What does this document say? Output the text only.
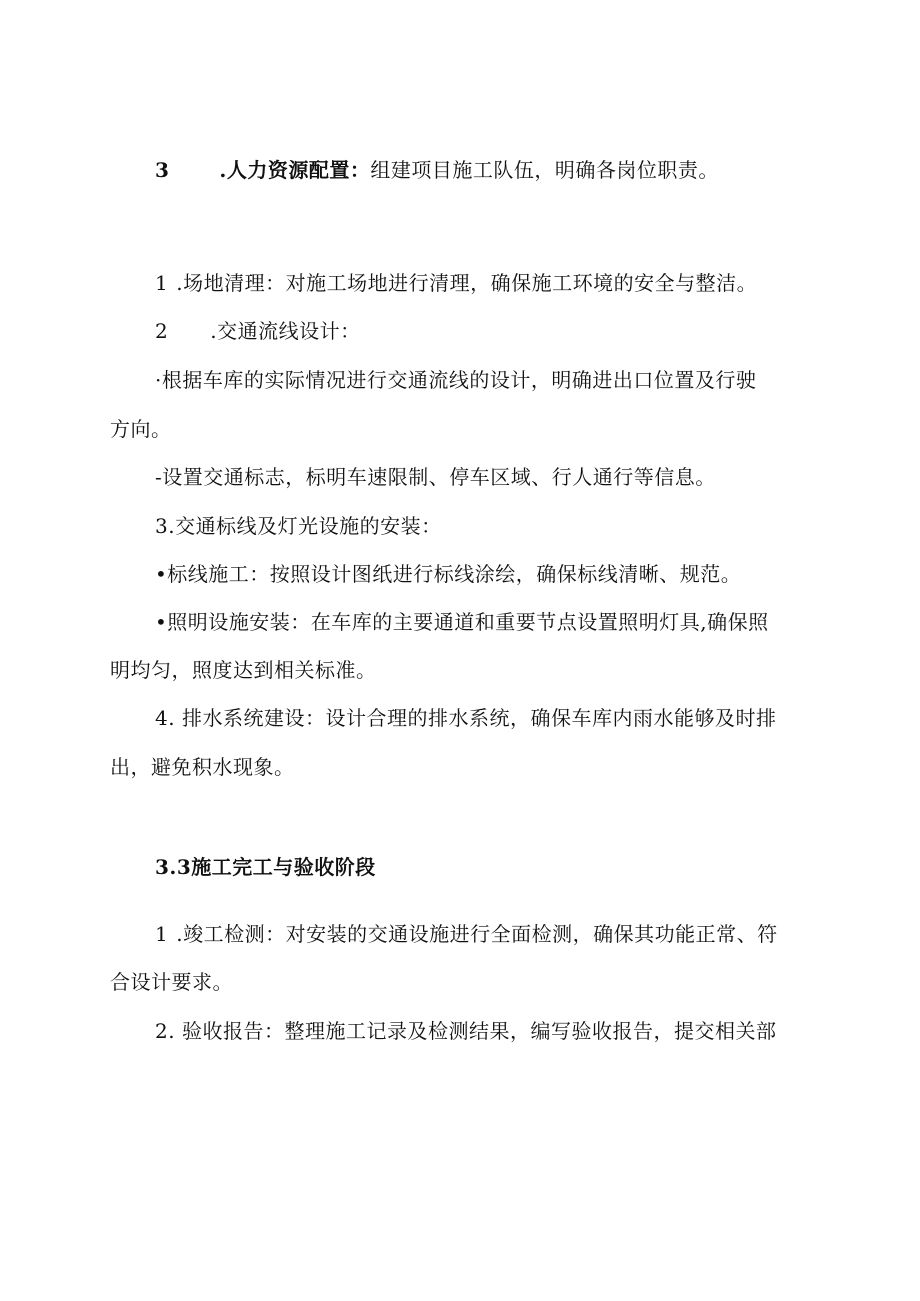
3	.人力资源配置：组建项目施工队伍，明确各岗位职责。
1 .场地清理：对施工场地进行清理，确保施工环境的安全与整洁。
2 .交通流线设计：
·根据车库的实际情况进行交通流线的设计，明确进出口位置及行驶
方向。
-设置交通标志，标明车速限制、停车区域、行人通行等信息。
3.交通标线及灯光设施的安装：
•标线施工：按照设计图纸进行标线涂绘，确保标线清晰、规范。
•照明设施安装：在车库的主要通道和重要节点设置照明灯具,确保照
明均匀，照度达到相关标准。
4. 排水系统建设：设计合理的排水系统，确保车库内雨水能够及时排
出，避免积水现象。
3.3施工完工与验收阶段
1 .竣工检测：对安装的交通设施进行全面检测，确保其功能正常、符
合设计要求。
2. 验收报告：整理施工记录及检测结果，编写验收报告，提交相关部
